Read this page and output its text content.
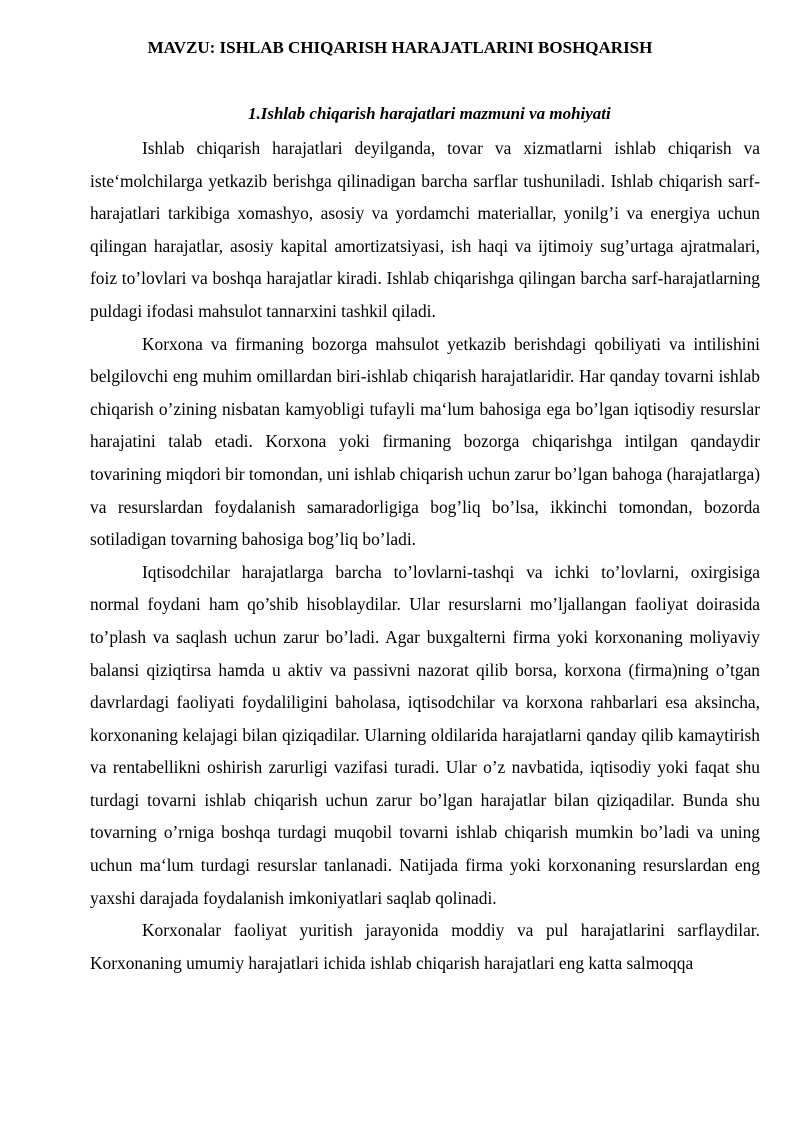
MAVZU: ISHLAB CHIQARISH HARAJATLARINI BOSHQARISH
1.Ishlab chiqarish harajatlari mazmuni va mohiyati

Ishlab chiqarish harajatlari deyilganda, tovar va xizmatlarni ishlab chiqarish va iste‘molchilarga yetkazib berishga qilinadigan barcha sarflar tushuniladi. Ishlab chiqarish sarf-harajatlari tarkibiga xomashyo, asosiy va yordamchi materiallar, yonilg’i va energiya uchun qilingan harajatlar, asosiy kapital amortizatsiyasi, ish haqi va ijtimoiy sug’urtaga ajratmalari, foiz to’lovlari va boshqa harajatlar kiradi. Ishlab chiqarishga qilingan barcha sarf-harajatlarning puldagi ifodasi mahsulot tannarxini tashkil qiladi.

Korxona va firmaning bozorga mahsulot yetkazib berishdagi qobiliyati va intilishini belgilovchi eng muhim omillardan biri-ishlab chiqarish harajatlaridir. Har qanday tovarni ishlab chiqarish o’zining nisbatan kamyobligi tufayli ma‘lum bahosiga ega bo’lgan iqtisodiy resurslar harajatini talab etadi. Korxona yoki firmaning bozorga chiqarishga intilgan qandaydir tovarining miqdori bir tomondan, uni ishlab chiqarish uchun zarur bo’lgan bahoga (harajatlarga) va resurslardan foydalanish samaradorligiga bog’liq bo’lsa, ikkinchi tomondan, bozorda sotiladigan tovarning bahosiga bog’liq bo’ladi.

Iqtisodchilar harajatlarga barcha to’lovlarni-tashqi va ichki to’lovlarni, oxirgisiga normal foydani ham qo’shib hisoblaydilar. Ular resurslarni mo’ljallangan faoliyat doirasida to’plash va saqlash uchun zarur bo’ladi. Agar buxgalterni firma yoki korxonaning moliyaviy balansi qiziqtirsa hamda u aktiv va passivni nazorat qilib borsa, korxona (firma)ning o’tgan davrlardagi faoliyati foydaliligini baholasa, iqtisodchilar va korxona rahbarlari esa aksincha, korxonaning kelajagi bilan qiziqadilar. Ularning oldilarida harajatlarni qanday qilib kamaytirish va rentabellikni oshirish zarurligi vazifasi turadi. Ular o’z navbatida, iqtisodiy yoki faqat shu turdagi tovarni ishlab chiqarish uchun zarur bo’lgan harajatlar bilan qiziqadilar. Bunda shu tovarning o’rniga boshqa turdagi muqobil tovarni ishlab chiqarish mumkin bo’ladi va uning uchun ma‘lum turdagi resurslar tanlanadi. Natijada firma yoki korxonaning resurslardan eng yaxshi darajada foydalanish imkoniyatlari saqlab qolinadi.

Korxonalar faoliyat yuritish jarayonida moddiy va pul harajatlarini sarflaydilar. Korxonaning umumiy harajatlari ichida ishlab chiqarish harajatlari eng katta salmoqqa
